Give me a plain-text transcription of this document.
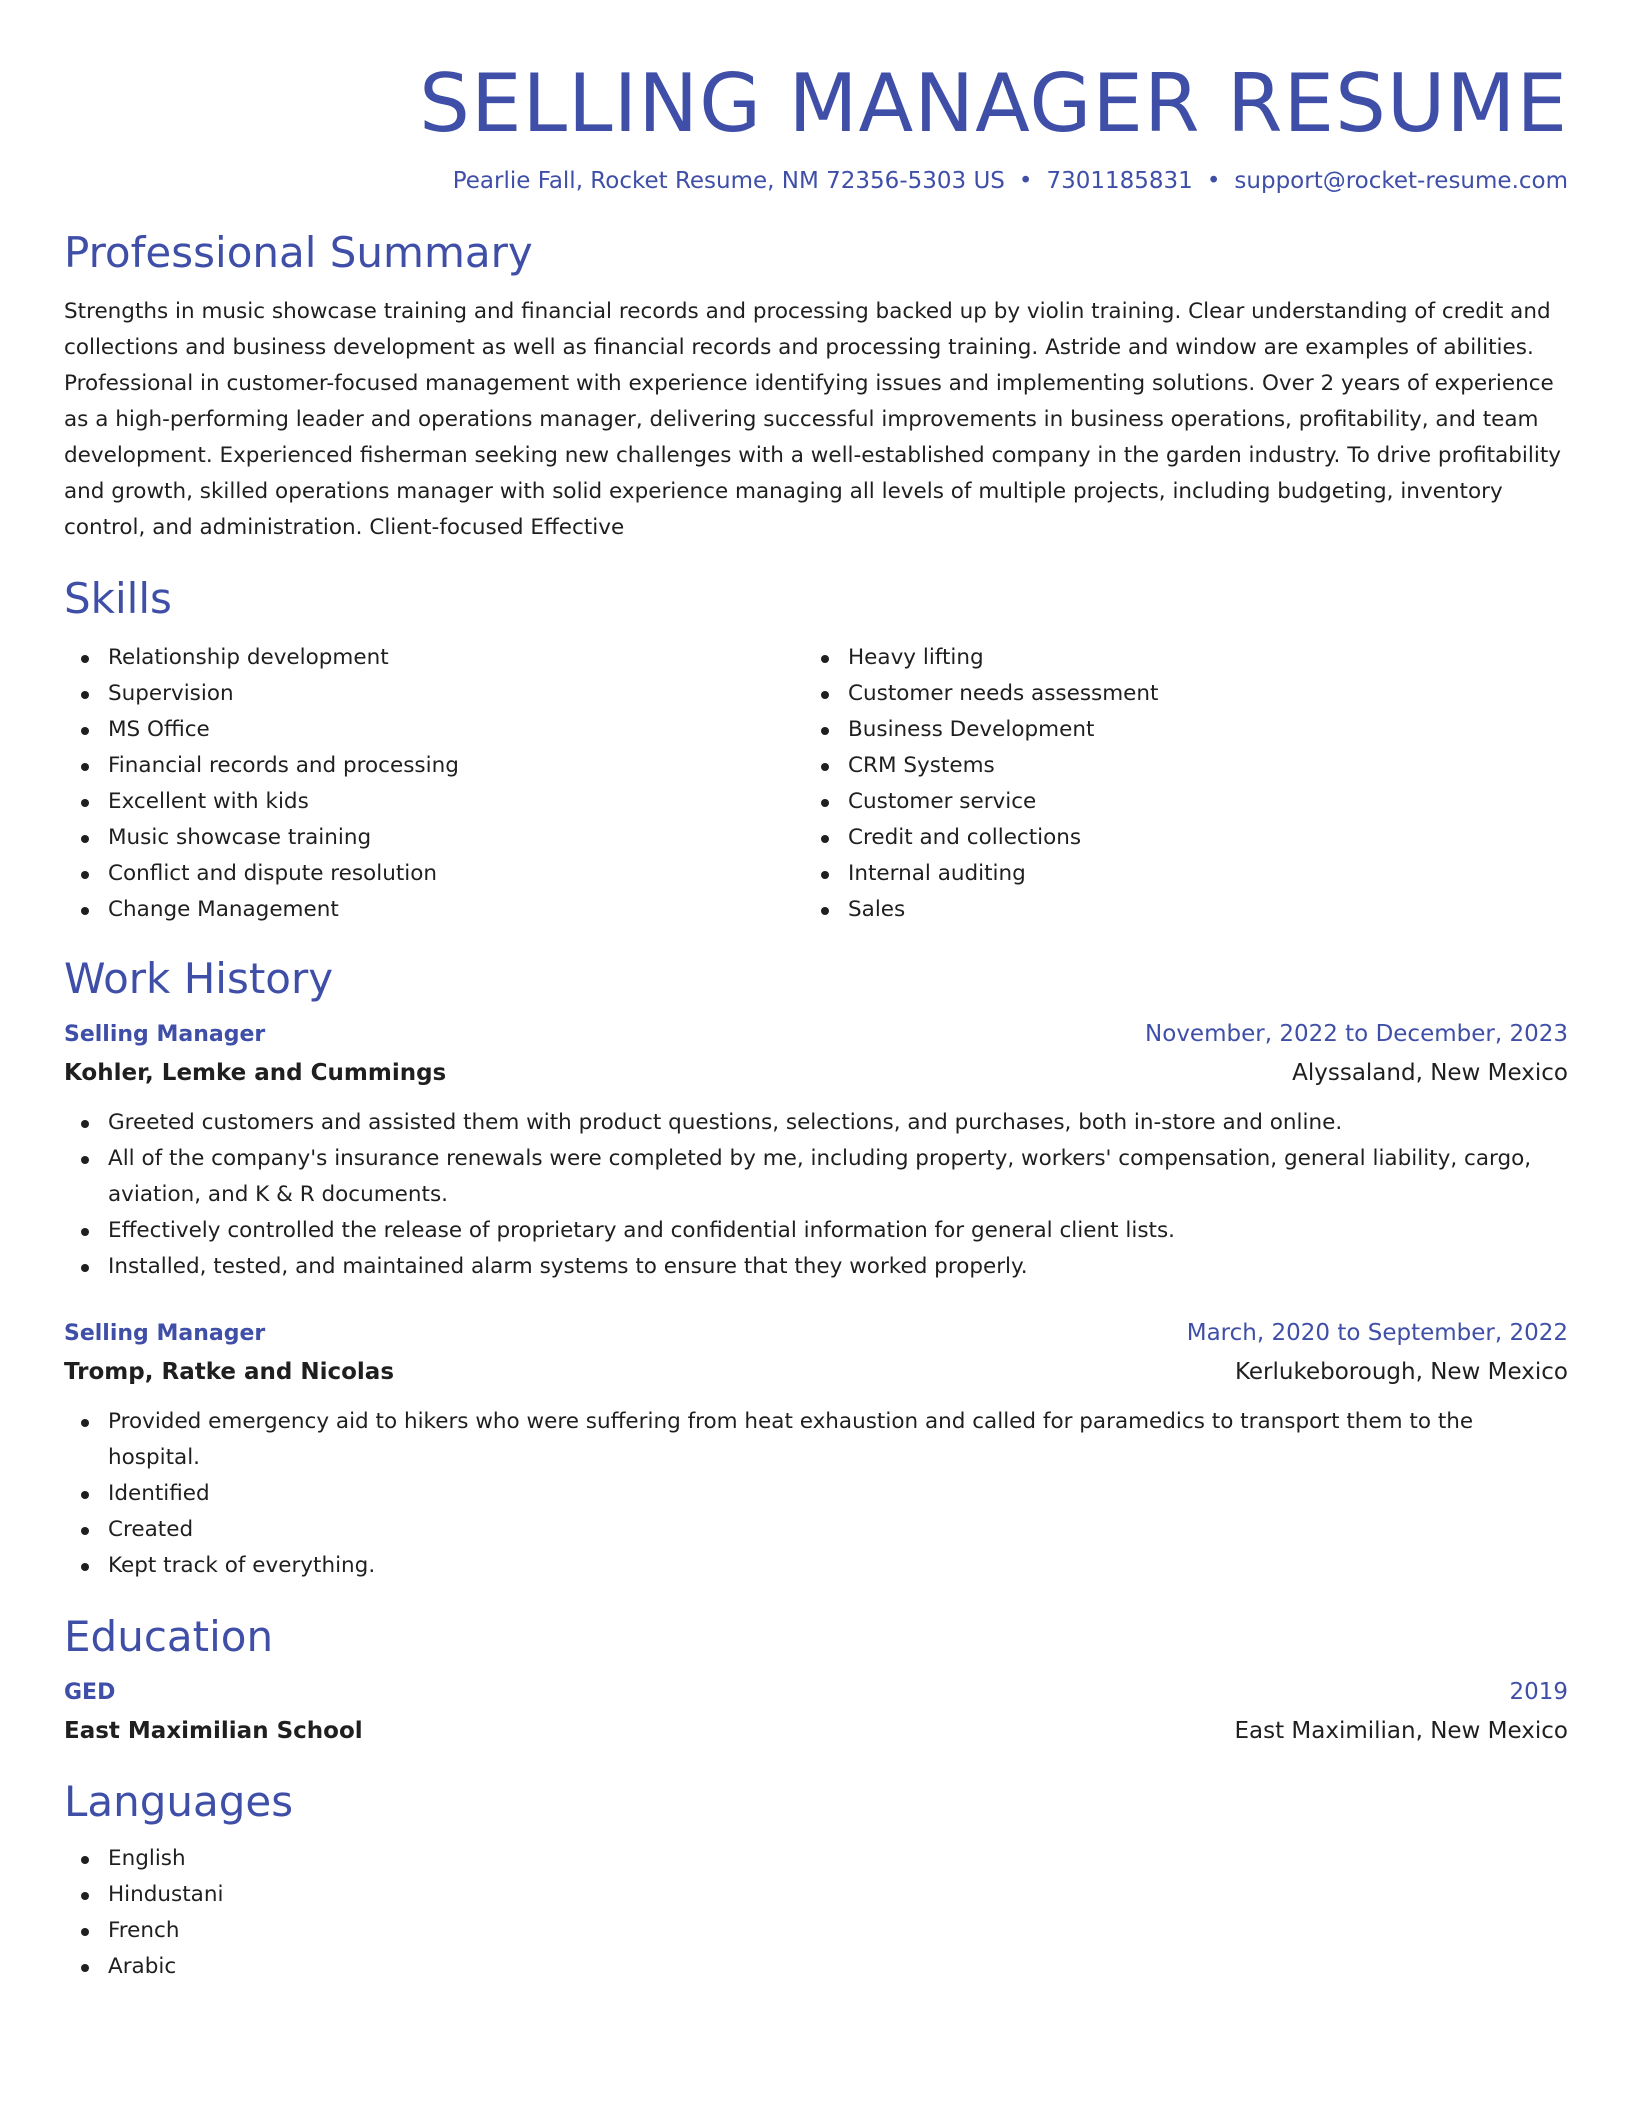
SELLING MANAGER RESUME
Pearlie Fall, Rocket Resume, NM 72356-5303 US • 7301185831 • support@rocket-resume.com
Professional Summary

Strengths in music showcase training and financial records and processing backed up by violin training. Clear understanding of credit and collections and business development as well as financial records and processing training. Astride and window are examples of abilities. Professional in customer-focused management with experience identifying issues and implementing solutions. Over 2 years of experience as a high-performing leader and operations manager, delivering successful improvements in business operations, profitability, and team development. Experienced fisherman seeking new challenges with a well-established company in the garden industry. To drive profitability and growth, skilled operations manager with solid experience managing all levels of multiple projects, including budgeting, inventory control, and administration. Client-focused Effective

Skills
Relationship development
Supervision
MS Office
Financial records and processing
Excellent with kids
Music showcase training
Conflict and dispute resolution
Change Management
Heavy lifting
Customer needs assessment
Business Development
CRM Systems
Customer service
Credit and collections
Internal auditing
Sales
Work History
Selling Manager	November, 2022 to December, 2023
Kohler, Lemke and Cummings	Alyssaland, New Mexico
Greeted customers and assisted them with product questions, selections, and purchases, both in-store and online.
All of the company's insurance renewals were completed by me, including property, workers' compensation, general liability, cargo, aviation, and K & R documents.
Effectively controlled the release of proprietary and confidential information for general client lists.
Installed, tested, and maintained alarm systems to ensure that they worked properly.
Selling Manager	March, 2020 to September, 2022
Tromp, Ratke and Nicolas	Kerlukeborough, New Mexico
Provided emergency aid to hikers who were suffering from heat exhaustion and called for paramedics to transport them to the hospital.
Identified
Created
Kept track of everything.
Education
GED	2019
East Maximilian School	East Maximilian, New Mexico
Languages
English
Hindustani
French
Arabic
